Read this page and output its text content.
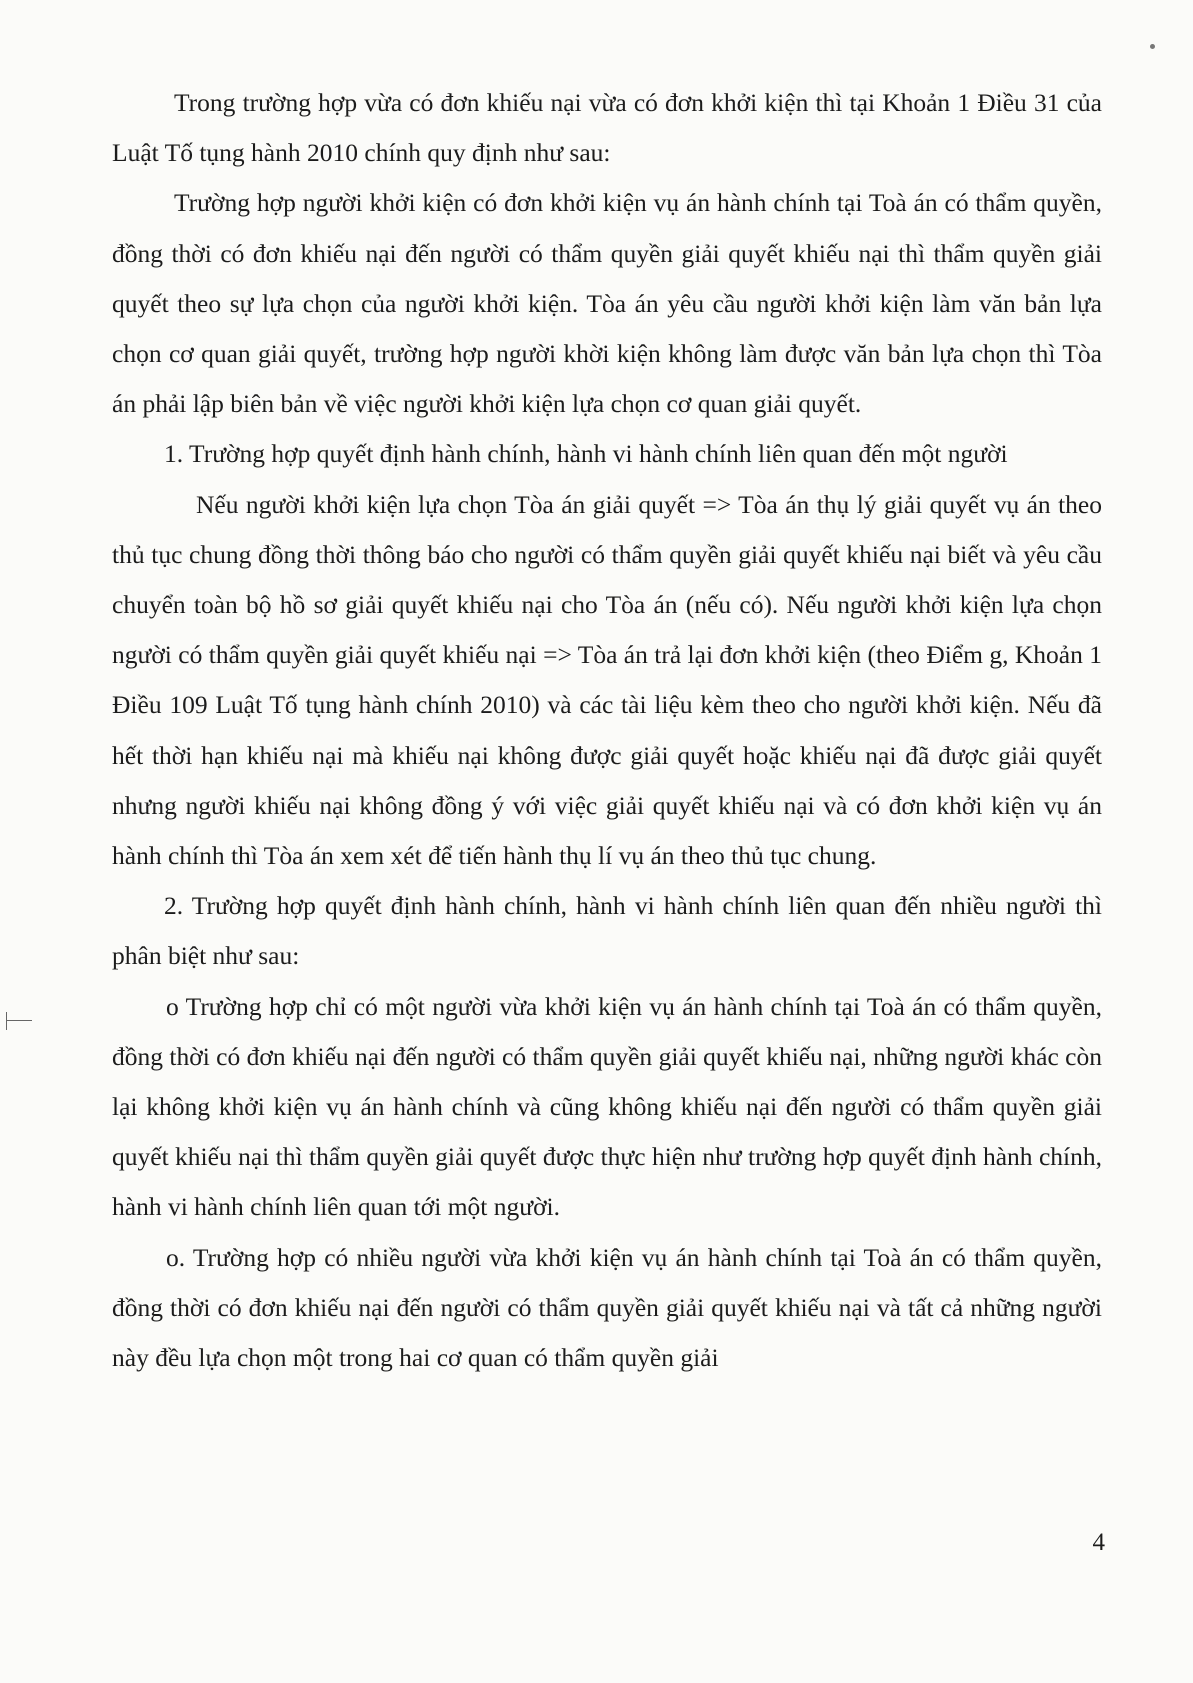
Trong trường hợp vừa có đơn khiếu nại vừa có đơn khởi kiện thì tại Khoản 1 Điều 31 của Luật Tố tụng hành 2010 chính quy định như sau:

Trường hợp người khởi kiện có đơn khởi kiện vụ án hành chính tại Toà án có thẩm quyền, đồng thời có đơn khiếu nại đến người có thẩm quyền giải quyết khiếu nại thì thẩm quyền giải quyết theo sự lựa chọn của người khởi kiện. Tòa án yêu cầu người khởi kiện làm văn bản lựa chọn cơ quan giải quyết, trường hợp người khời kiện không làm được văn bản lựa chọn thì Tòa án phải lập biên bản về việc người khởi kiện lựa chọn cơ quan giải quyết.

1. Trường hợp quyết định hành chính, hành vi hành chính liên quan đến một người

Nếu người khởi kiện lựa chọn Tòa án giải quyết => Tòa án thụ lý giải quyết vụ án theo thủ tục chung đồng thời thông báo cho người có thẩm quyền giải quyết khiếu nại biết và yêu cầu chuyển toàn bộ hồ sơ giải quyết khiếu nại cho Tòa án (nếu có). Nếu người khởi kiện lựa chọn người có thẩm quyền giải quyết khiếu nại => Tòa án trả lại đơn khởi kiện (theo Điểm g, Khoản 1 Điều 109 Luật Tố tụng hành chính 2010) và các tài liệu kèm theo cho người khởi kiện. Nếu đã hết thời hạn khiếu nại mà khiếu nại không được giải quyết hoặc khiếu nại đã được giải quyết nhưng người khiếu nại không đồng ý với việc giải quyết khiếu nại và có đơn khởi kiện vụ án hành chính thì Tòa án xem xét để tiến hành thụ lí vụ án theo thủ tục chung.

2. Trường hợp quyết định hành chính, hành vi hành chính liên quan đến nhiều người thì phân biệt như sau:

o Trường hợp chỉ có một người vừa khởi kiện vụ án hành chính tại Toà án có thẩm quyền, đồng thời có đơn khiếu nại đến người có thẩm quyền giải quyết khiếu nại, những người khác còn lại không khởi kiện vụ án hành chính và cũng không khiếu nại đến người có thẩm quyền giải quyết khiếu nại thì thẩm quyền giải quyết được thực hiện như trường hợp quyết định hành chính, hành vi hành chính liên quan tới một người.

o. Trường hợp có nhiều người vừa khởi kiện vụ án hành chính tại Toà án có thẩm quyền, đồng thời có đơn khiếu nại đến người có thẩm quyền giải quyết khiếu nại và tất cả những người này đều lựa chọn một trong hai cơ quan có thẩm quyền giải

4
